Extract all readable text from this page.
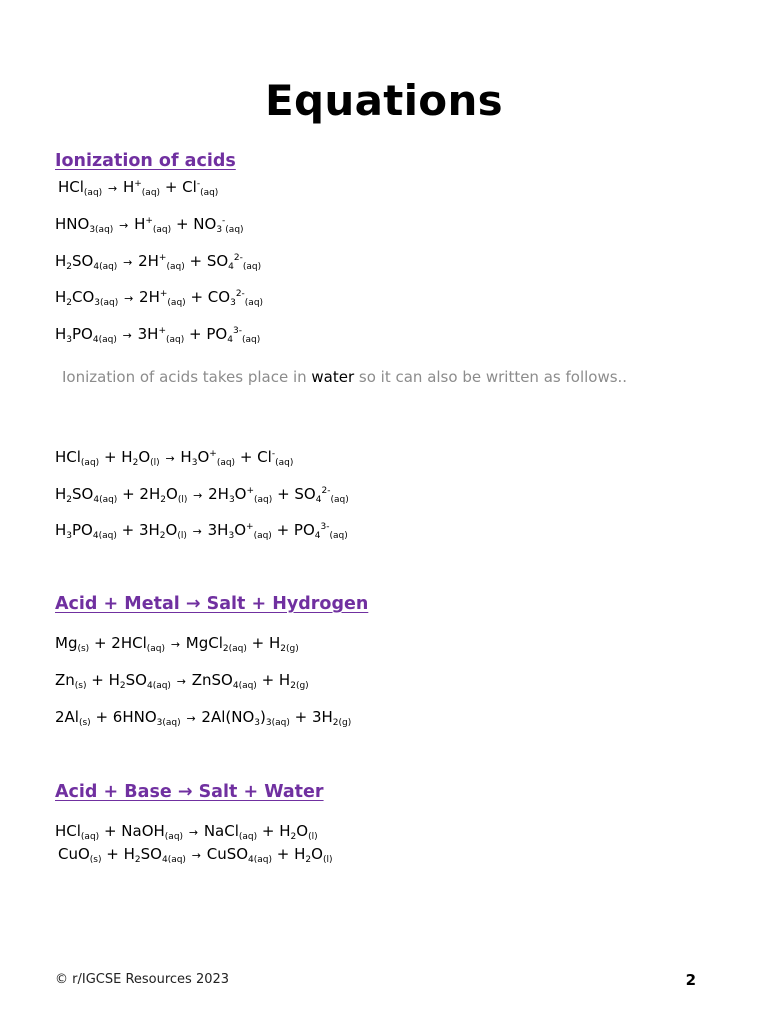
Equations
Ionization of acids
$HCl_{(aq)} \to H^+_{(aq)} + Cl^-_{(aq)}$
$HNO_{3(aq)} \to H^+_{(aq)} + NO_3^-_{(aq)}$
$H_2SO_{4(aq)} \to 2H^+_{(aq)} + SO_4^{2-}_{(aq)}$
$H_2CO_{3(aq)} \to 2H^+_{(aq)} + CO_3^{2-}_{(aq)}$
$H_3PO_{4(aq)} \to 3H^+_{(aq)} + PO_4^{3-}_{(aq)}$
Ionization of acids takes place in water so it can also be written as follows..
$HCl_{(aq)} + H_2O_{(l)} \to H_3O^+_{(aq)} + Cl^-_{(aq)}$
$H_2SO_{4(aq)} + 2H_2O_{(l)} \to 2H_3O^+_{(aq)} + SO_4^{2-}_{(aq)}$
$H_3PO_{4(aq)} + 3H_2O_{(l)} \to 3H_3O^+_{(aq)} + PO_4^{3-}_{(aq)}$
Acid + Metal → Salt + Hydrogen
$Mg_{(s)} + 2HCl_{(aq)}$ → MgCl$_{2(aq)}$ + $H_{2(g)}$
$Zn_{(s)} + H_2SO_{4(aq)}$ → ZnSO$_{4(aq)}$ + $H_{2(g)}$
$2Al_{(s)} + 6HNO_{3(aq)} \to 2Al(NO_3)_{3(aq)} + 3H_{2(g)}$
Acid + Base → Salt + Water
HCl$_{(aq)}$ + NaOH$_{(aq)}$ → NaCl$_{(aq)}$ + $H_2O_{(l)}$
$CuO_{(s)} + H_2SO_{4(aq)}$ → CuSO$_{4(aq)}$ + $H_2O_{(l)}$
© r/IGCSE Resources 2023	2
